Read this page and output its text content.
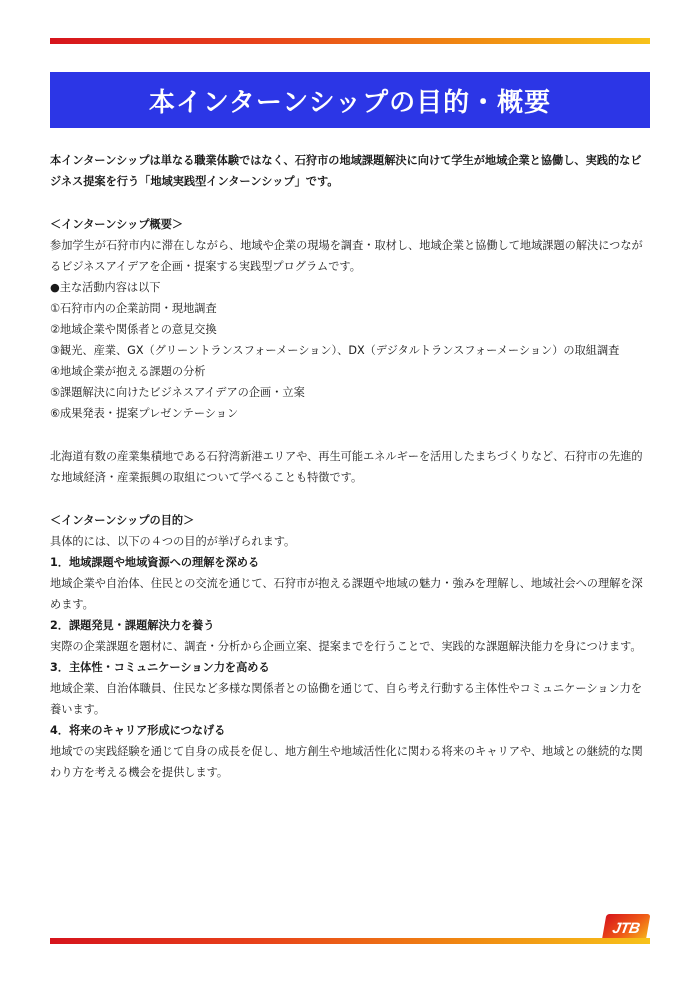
本インターンシップの目的・概要

本インターンシップは単なる職業体験ではなく、石狩市の地域課題解決に向けて学生が地域企業と協働し、実践的なビジネス提案を行う「地域実践型インターンシップ」です。

＜インターンシップ概要＞

参加学生が石狩市内に滞在しながら、地域や企業の現場を調査・取材し、地域企業と協働して地域課題の解決につながるビジネスアイデアを企画・提案する実践型プログラムです。

●主な活動内容は以下

①石狩市内の企業訪問・現地調査

②地域企業や関係者との意見交換

③観光、産業、GX（グリーントランスフォーメーション）、DX（デジタルトランスフォーメーション）の取組調査

④地域企業が抱える課題の分析

⑤課題解決に向けたビジネスアイデアの企画・立案

⑥成果発表・提案プレゼンテーション

北海道有数の産業集積地である石狩湾新港エリアや、再生可能エネルギーを活用したまちづくりなど、石狩市の先進的な地域経済・産業振興の取組について学べることも特徴です。

＜インターンシップの目的＞

具体的には、以下の４つの目的が挙げられます。

1．地域課題や地域資源への理解を深める

地域企業や自治体、住民との交流を通じて、石狩市が抱える課題や地域の魅力・強みを理解し、地域社会への理解を深めます。

2．課題発見・課題解決力を養う

実際の企業課題を題材に、調査・分析から企画立案、提案までを行うことで、実践的な課題解決能力を身につけます。

3．主体性・コミュニケーション力を高める

地域企業、自治体職員、住民など多様な関係者との協働を通じて、自ら考え行動する主体性やコミュニケーション力を養います。

4．将来のキャリア形成につなげる

地域での実践経験を通じて自身の成長を促し、地方創生や地域活性化に関わる将来のキャリアや、地域との継続的な関わり方を考える機会を提供します。

JTB
